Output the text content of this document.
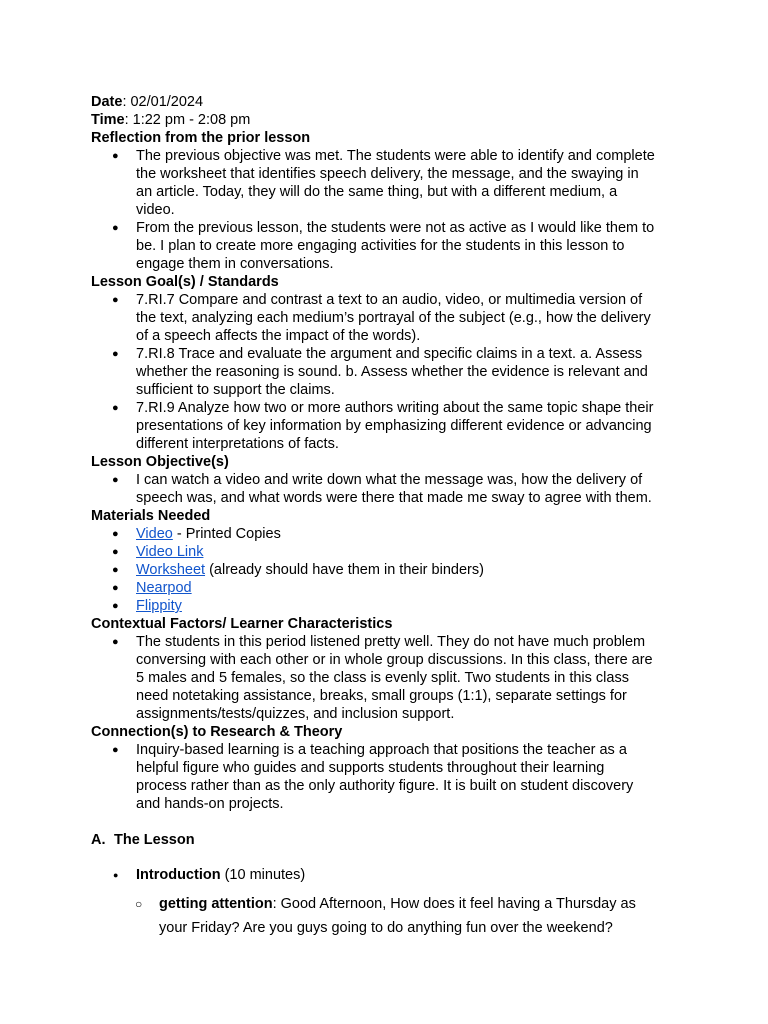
Date: 02/01/2024
Time: 1:22 pm - 2:08 pm
Reflection from the prior lesson

● The previous objective was met. The students were able to identify and complete

the worksheet that identifies speech delivery, the message, and the swaying in

an article. Today, they will do the same thing, but with a different medium, a

video.

● From the previous lesson, the students were not as active as I would like them to

be. I plan to create more engaging activities for the students in this lesson to

engage them in conversations.

Lesson Goal(s) / Standards

● 7.RI.7 Compare and contrast a text to an audio, video, or multimedia version of

the text, analyzing each medium’s portrayal of the subject (e.g., how the delivery

of a speech affects the impact of the words).

● 7.RI.8 Trace and evaluate the argument and specific claims in a text. a. Assess

whether the reasoning is sound. b. Assess whether the evidence is relevant and

sufficient to support the claims.

● 7.RI.9 Analyze how two or more authors writing about the same topic shape their

presentations of key information by emphasizing different evidence or advancing

different interpretations of facts.

Lesson Objective(s)

● I can watch a video and write down what the message was, how the delivery of

speech was, and what words were there that made me sway to agree with them.

Materials Needed

● Video - Printed Copies

● Video Link

● Worksheet (already should have them in their binders)

● Nearpod

● Flippity

Contextual Factors/ Learner Characteristics

● The students in this period listened pretty well. They do not have much problem

conversing with each other or in whole group discussions. In this class, there are

5 males and 5 females, so the class is evenly split. Two students in this class

need notetaking assistance, breaks, small groups (1:1), separate settings for

assignments/tests/quizzes, and inclusion support.

Connection(s) to Research & Theory

● Inquiry-based learning is a teaching approach that positions the teacher as a

helpful figure who guides and supports students throughout their learning

process rather than as the only authority figure. It is built on student discovery

and hands-on projects.

A. The Lesson
● Introduction (10 minutes)

○ getting attention: Good Afternoon, How does it feel having a Thursday as

your Friday? Are you guys going to do anything fun over the weekend?
